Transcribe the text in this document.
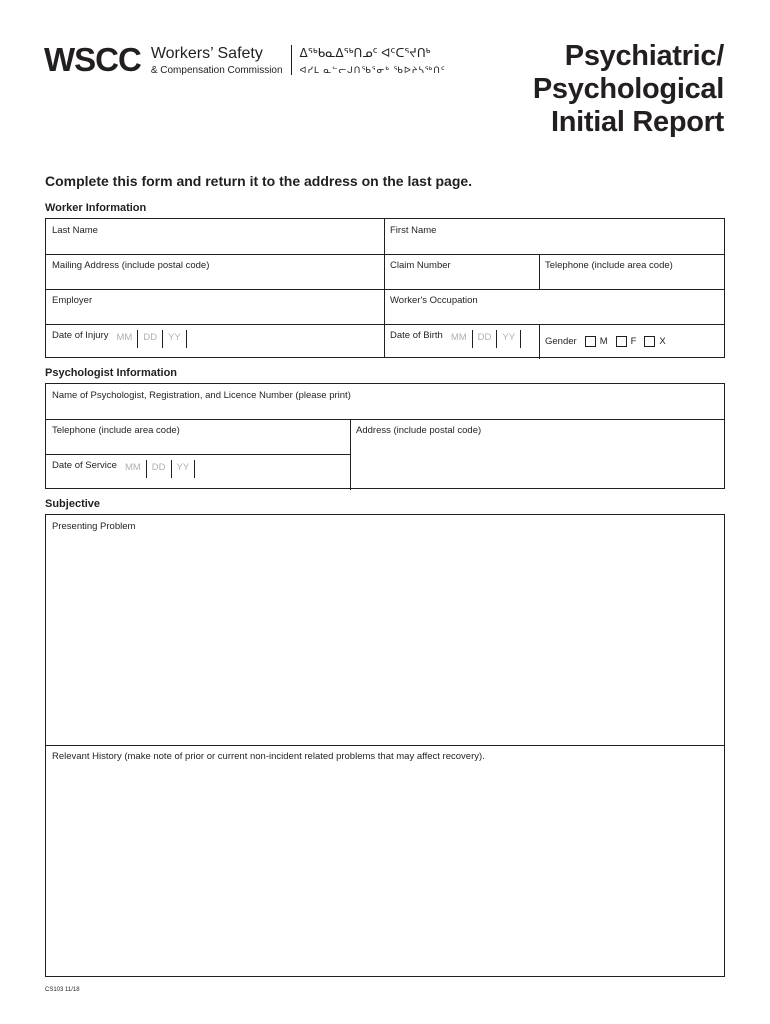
WSCC Workers’ Safety
& Compensation Commission
ᐃᖅᑲᓇᐃᖅᑎᓄᑦ ᐊᑦᑕᕐᔪᑎᒃ
ᐊᓯᒪ ᓇᓪᓕᒍᑎᖃᕐᓂᒃ ᖃᐅᔨᓴᖅᑎᑦ	Psychiatric/
Psychological
Initial Report
Complete this form and return it to the address on the last page.
Worker Information
Last Name	First Name
Mailing Address (include postal code)	Claim Number	Telephone (include area code)
Employer	Worker's Occupation
Date of Injury MM	DD	YY	Date of Birth MM	DD	YY	Gender M F X
Psychologist Information
Name of Psychologist, Registration, and Licence Number (please print)
Telephone (include area code)	Address (include postal code)
Date of Service MM	DD	YY
Subjective
Presenting Problem
Relevant History (make note of prior or current non-incident related problems that may affect recovery).
CS103 11/18
